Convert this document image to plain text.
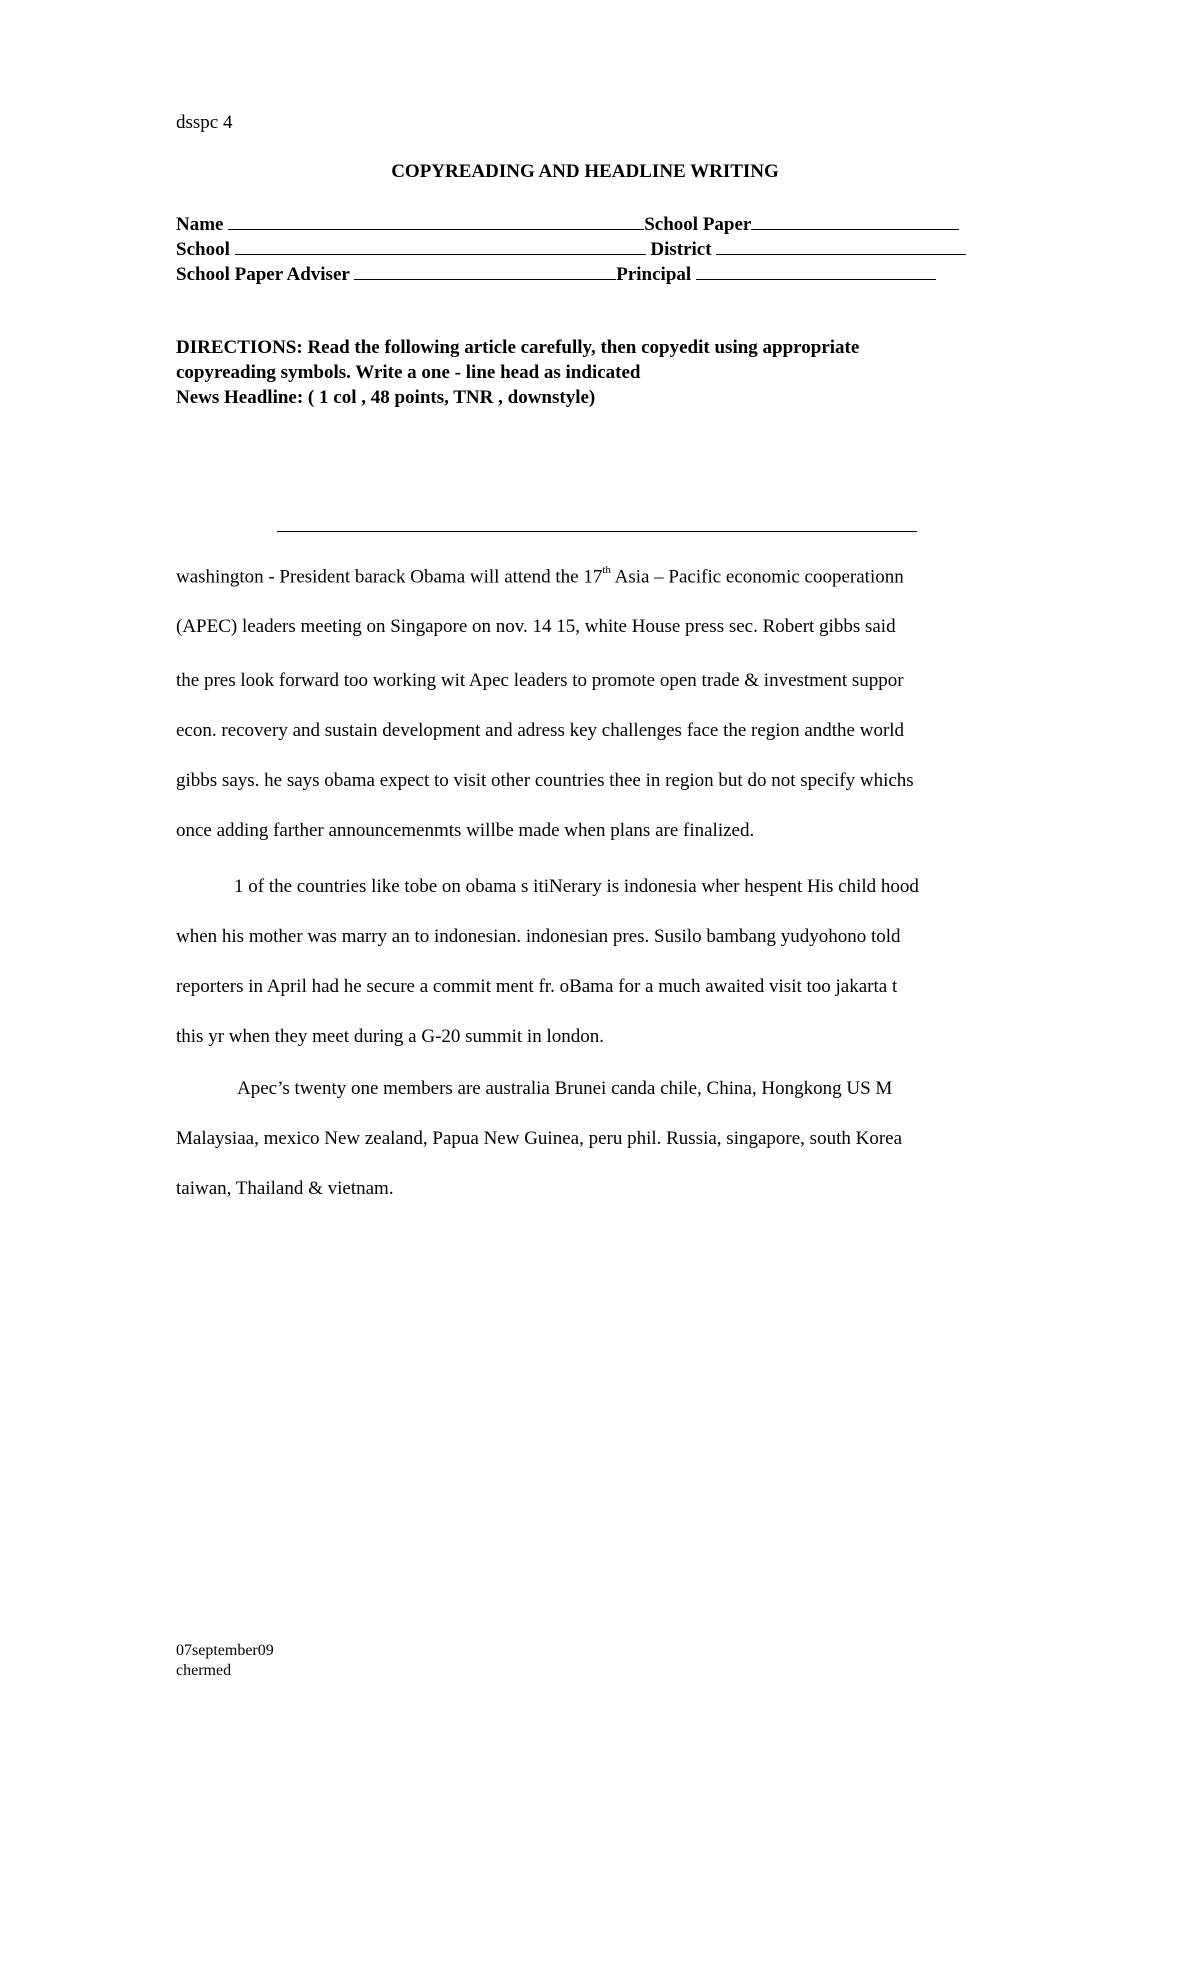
dsspc 4
COPYREADING AND HEADLINE WRITING
Name	School Paper
School	District
School Paper Adviser	Principal
DIRECTIONS: Read the following article carefully, then copyedit using appropriate
copyreading symbols. Write a one - line head as indicated
News Headline: ( 1 col , 48 points, TNR , downstyle)
washington - President barack Obama will attend the 17th Asia – Pacific economic cooperationn
(APEC) leaders meeting on Singapore on nov. 14 15, white House press sec. Robert gibbs said
the pres look forward too working wit Apec leaders to promote open trade & investment suppor
econ. recovery and sustain development and adress key challenges face the region andthe world
gibbs says. he says obama expect to visit other countries thee in region but do not specify whichs
once adding farther announcemenmts willbe made when plans are finalized.
1 of the countries like tobe on obama s itiNerary is indonesia wher hespent His child hood
when his mother was marry an to indonesian. indonesian pres. Susilo bambang yudyohono told
reporters in April had he secure a commit ment fr. oBama for a much awaited visit too jakarta t
this yr when they meet during a G-20 summit in london.
Apec’s twenty one members are australia Brunei canda chile, China, Hongkong US M
Malaysiaa, mexico New zealand, Papua New Guinea, peru phil. Russia, singapore, south Korea
taiwan, Thailand & vietnam.
07september09
chermed
